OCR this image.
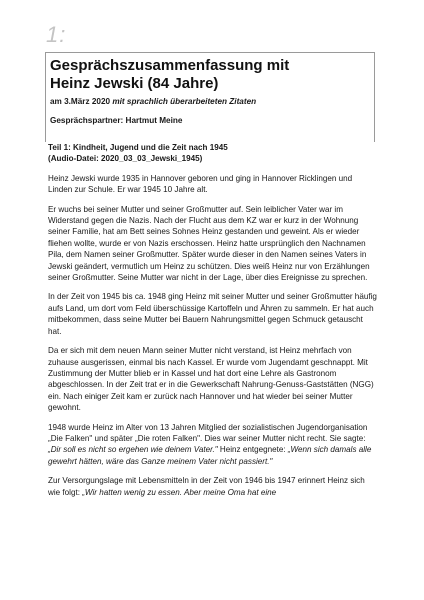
1:
Gesprächszusammenfassung mit
Heinz Jewski (84 Jahre)
am 3.März 2020 mit sprachlich überarbeiteten Zitaten
Gesprächspartner: Hartmut Meine
Teil 1: Kindheit, Jugend und die Zeit nach 1945
(Audio-Datei: 2020_03_03_Jewski_1945)

Heinz Jewski wurde 1935 in Hannover geboren und ging in Hannover Ricklingen und Linden zur Schule. Er war 1945 10 Jahre alt.

Er wuchs bei seiner Mutter und seiner Großmutter auf. Sein leiblicher Vater war im Widerstand gegen die Nazis. Nach der Flucht aus dem KZ war er kurz in der Wohnung seiner Familie, hat am Bett seines Sohnes Heinz gestanden und geweint. Als er wieder fliehen wollte, wurde er von Nazis erschossen. Heinz hatte ursprünglich den Nachnamen Pila, dem Namen seiner Großmutter. Später wurde dieser in den Namen seines Vaters in Jewski geändert, vermutlich um Heinz zu schützen. Dies weiß Heinz nur von Erzählungen seiner Großmutter. Seine Mutter war nicht in der Lage, über dies Ereignisse zu sprechen.

In der Zeit von 1945 bis ca. 1948 ging Heinz mit seiner Mutter und seiner Großmutter häufig aufs Land, um dort vom Feld überschüssige Kartoffeln und Ähren zu sammeln. Er hat auch mitbekommen, dass seine Mutter bei Bauern Nahrungsmittel gegen Schmuck getauscht hat.

Da er sich mit dem neuen Mann seiner Mutter nicht verstand, ist Heinz mehrfach von zuhause ausgerissen, einmal bis nach Kassel. Er wurde vom Jugendamt geschnappt. Mit Zustimmung der Mutter blieb er in Kassel und hat dort eine Lehre als Gastronom abgeschlossen. In der Zeit trat er in die Gewerkschaft Nahrung-Genuss-Gaststätten (NGG) ein. Nach einiger Zeit kam er zurück nach Hannover und hat wieder bei seiner Mutter gewohnt.

1948 wurde Heinz im Alter von 13 Jahren Mitglied der sozialistischen Jugendorganisation „Die Falken" und später „Die roten Falken". Dies war seiner Mutter nicht recht. Sie sagte: „Dir soll es nicht so ergehen wie deinem Vater." Heinz entgegnete: „Wenn sich damals alle gewehrt hätten, wäre das Ganze meinem Vater nicht passiert."

Zur Versorgungslage mit Lebensmitteln in der Zeit von 1946 bis 1947 erinnert Heinz sich wie folgt: „Wir hatten wenig zu essen. Aber meine Oma hat eine
